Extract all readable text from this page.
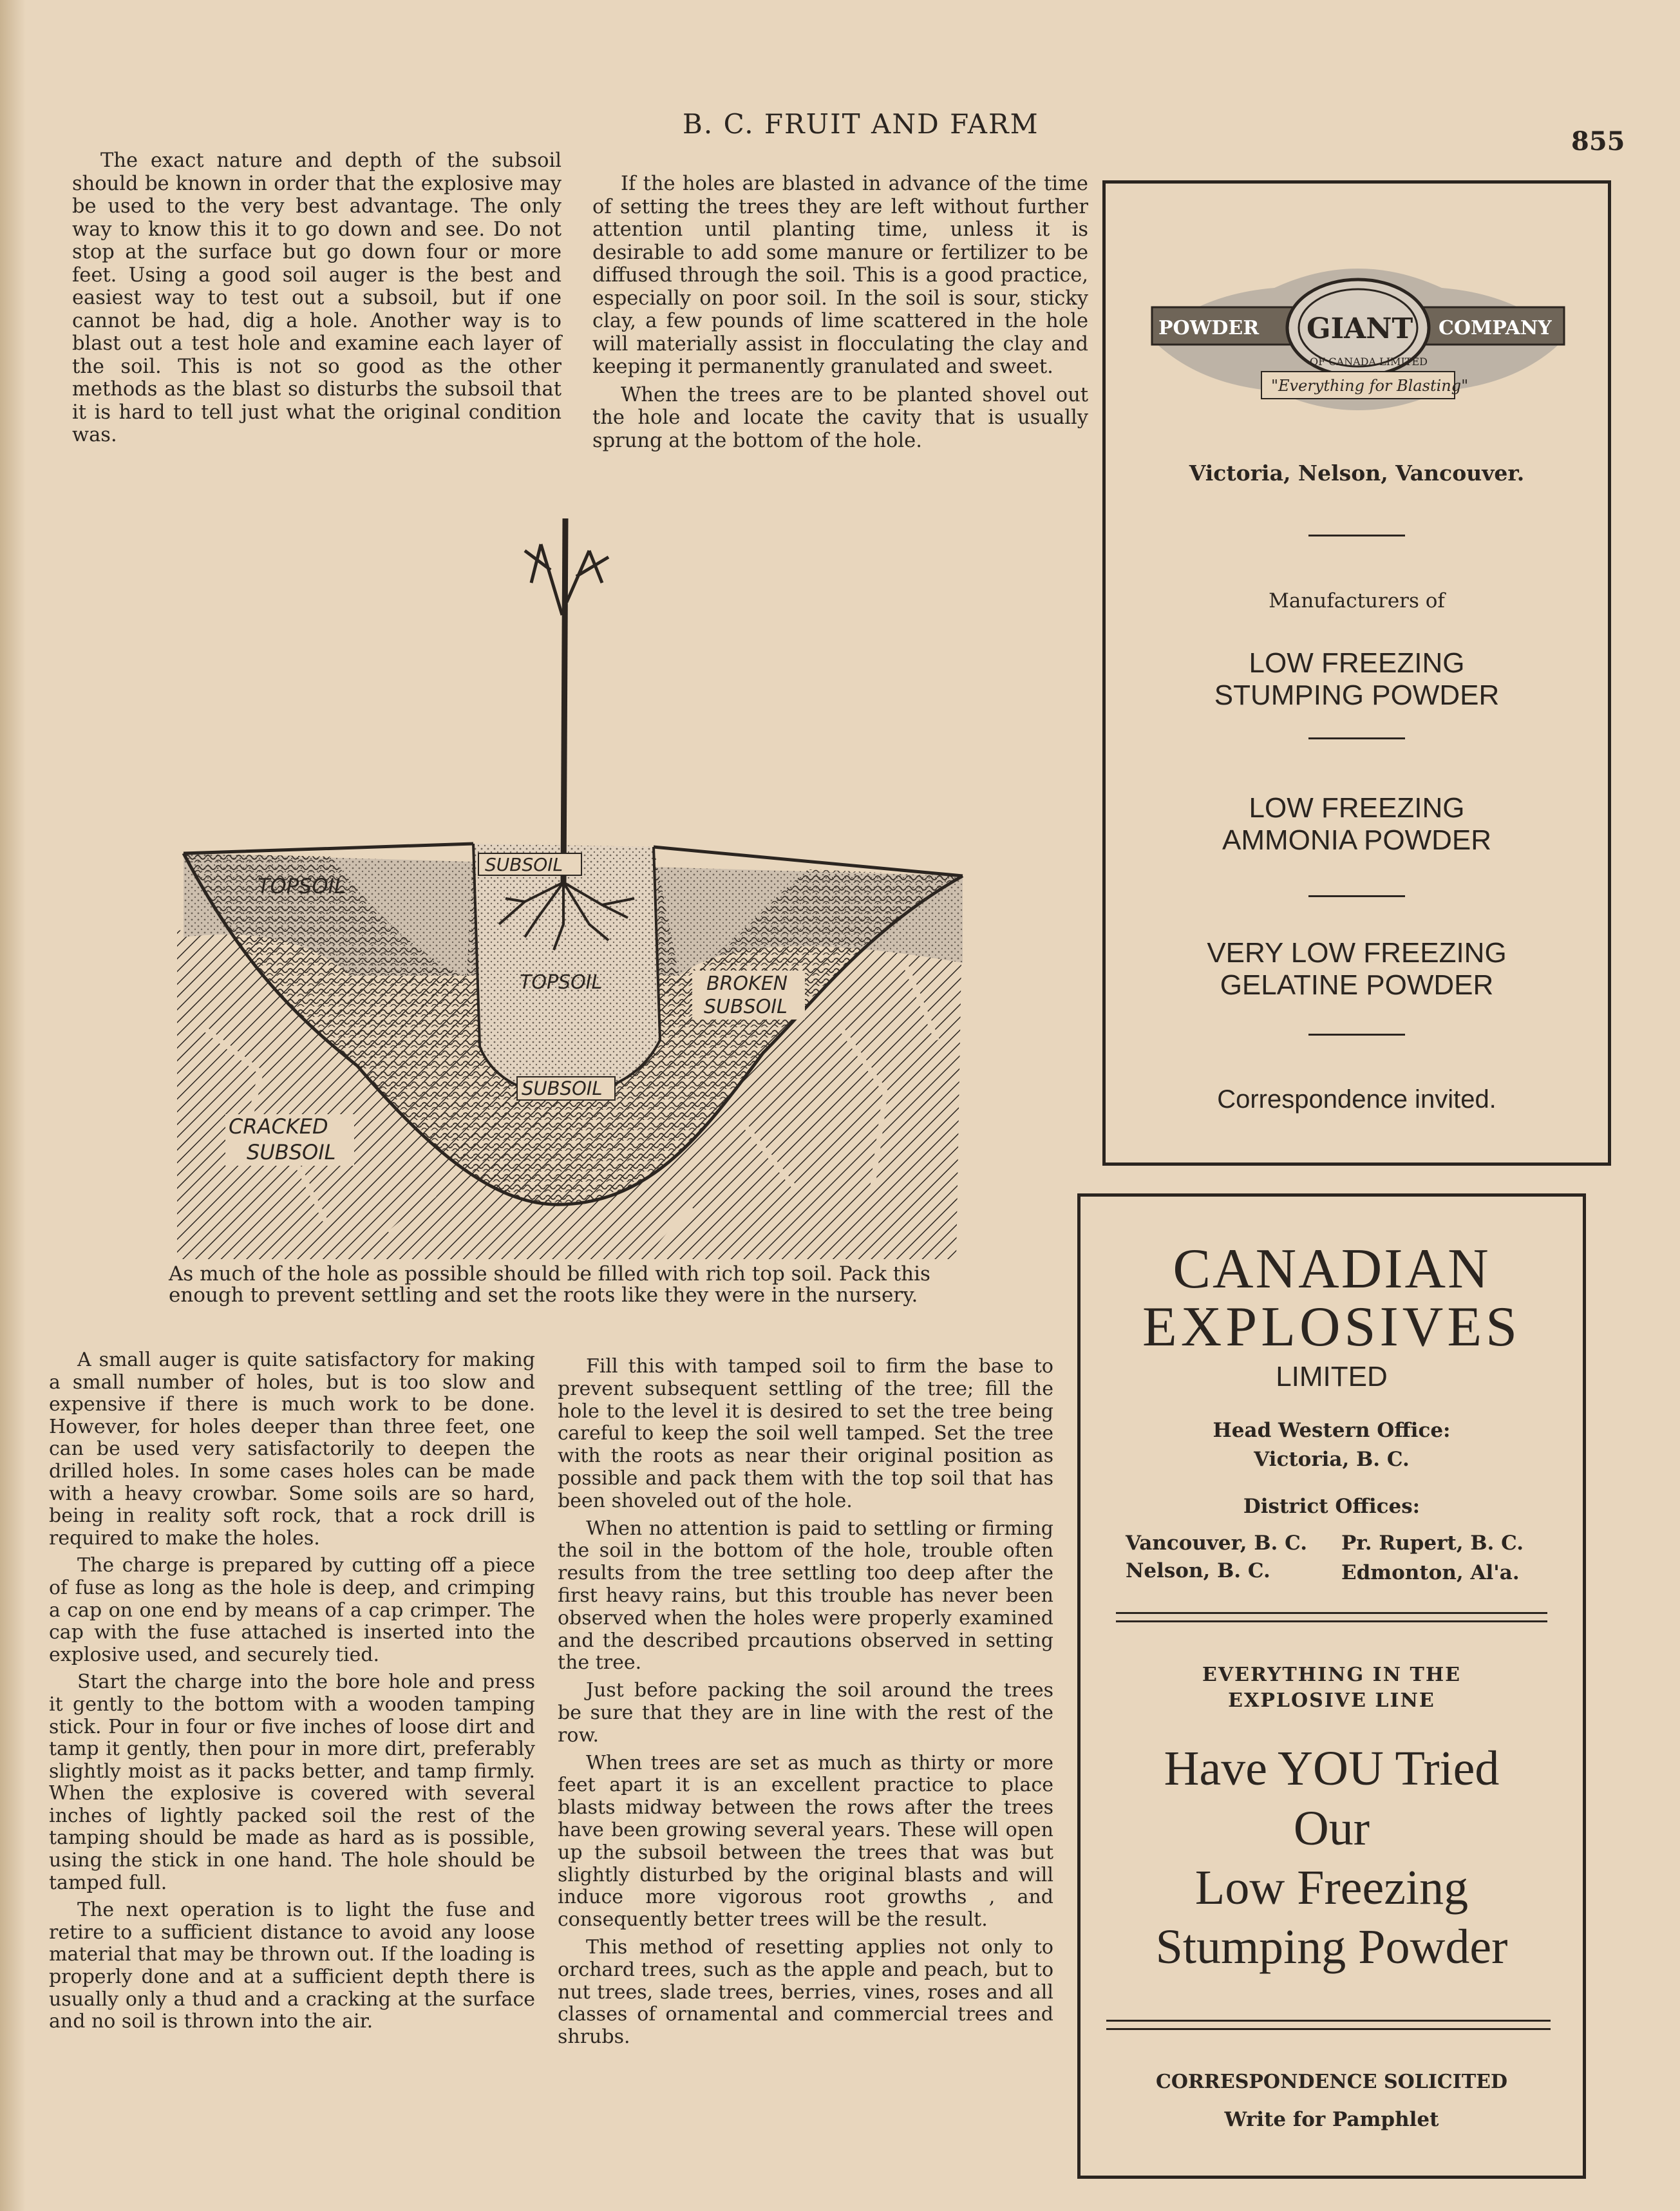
B. C. FRUIT AND FARM
855

The exact nature and depth of the subsoil should be known in order that the explosive may be used to the very best advantage. The only way to know this it to go down and see. Do not stop at the surface but go down four or more feet. Using a good soil auger is the best and easiest way to test out a subsoil, but if one cannot be had, dig a hole. Another way is to blast out a test hole and examine each layer of the soil. This is not so good as the other methods as the blast so disturbs the subsoil that it is hard to tell just what the original condition was.

If the holes are blasted in advance of the time of setting the trees they are left without further attention until planting time, unless it is desirable to add some manure or fertilizer to be diffused through the soil. This is a good practice, especially on poor soil. In the soil is sour, sticky clay, a few pounds of lime scattered in the hole will materially assist in flocculating the clay and keeping it permanently granulated and sweet.

When the trees are to be planted shovel out the hole and locate the cavity that is usually sprung at the bottom of the hole.

TOPSOIL
SUBSOIL
TOPSOIL	BROKEN
SUBSOIL
SUBSOIL
CRACKED
SUBSOIL
As much of the hole as possible should be filled with rich top soil. Pack this enough to prevent settling and set the roots like they were in the nursery.

A small auger is quite satisfactory for making a small number of holes, but is too slow and expensive if there is much work to be done. However, for holes deeper than three feet, one can be used very satisfactorily to deepen the drilled holes. In some cases holes can be made with a heavy crowbar. Some soils are so hard, being in reality soft rock, that a rock drill is required to make the holes.

The charge is prepared by cutting off a piece of fuse as long as the hole is deep, and crimping a cap on one end by means of a cap crimper. The cap with the fuse attached is inserted into the explosive used, and securely tied.

Start the charge into the bore hole and press it gently to the bottom with a wooden tamping stick. Pour in four or five inches of loose dirt and tamp it gently, then pour in more dirt, preferably slightly moist as it packs better, and tamp firmly. When the explosive is covered with several inches of lightly packed soil the rest of the tamping should be made as hard as is possible, using the stick in one hand. The hole should be tamped full.

The next operation is to light the fuse and retire to a sufficient distance to avoid any loose material that may be thrown out. If the loading is properly done and at a sufficient depth there is usually only a thud and a cracking at the surface and no soil is thrown into the air.

Fill this with tamped soil to firm the base to prevent subsequent settling of the tree; fill the hole to the level it is desired to set the tree being careful to keep the soil well tamped. Set the tree with the roots as near their original position as possible and pack them with the top soil that has been shoveled out of the hole.

When no attention is paid to settling or firming the soil in the bottom of the hole, trouble often results from the tree settling too deep after the first heavy rains, but this trouble has never been observed when the holes were properly examined and the described prcautions observed in setting the tree.

Just before packing the soil around the trees be sure that they are in line with the rest of the row.

When trees are set as much as thirty or more feet apart it is an excellent practice to place blasts midway between the rows after the trees have been growing several years. These will open up the subsoil between the trees that was but slightly disturbed by the original blasts and will induce more vigorous root growths , and consequently better trees will be the result.

This method of resetting applies not only to orchard trees, such as the apple and peach, but to nut trees, slade trees, berries, vines, roses and all classes of ornamental and commercial trees and shrubs.

POWDER GIANT COMPANY
OF CANADA LIMITED
"Everything for Blasting"
Victoria, Nelson, Vancouver.
Manufacturers of
LOW FREEZING
STUMPING POWDER
LOW FREEZING
AMMONIA POWDER
VERY LOW FREEZING
GELATINE POWDER
Correspondence invited.
CANADIAN
EXPLOSIVES
LIMITED
Head Western Office:
Victoria, B. C.
District Offices:
Vancouver, B. C. Pr. Rupert, B. C.
Nelson, B. C.	Edmonton, Al'a.
EVERYTHING IN THE
EXPLOSIVE LINE
Have YOU Tried
Our
Low Freezing
Stumping Powder
CORRESPONDENCE SOLICITED
Write for Pamphlet
